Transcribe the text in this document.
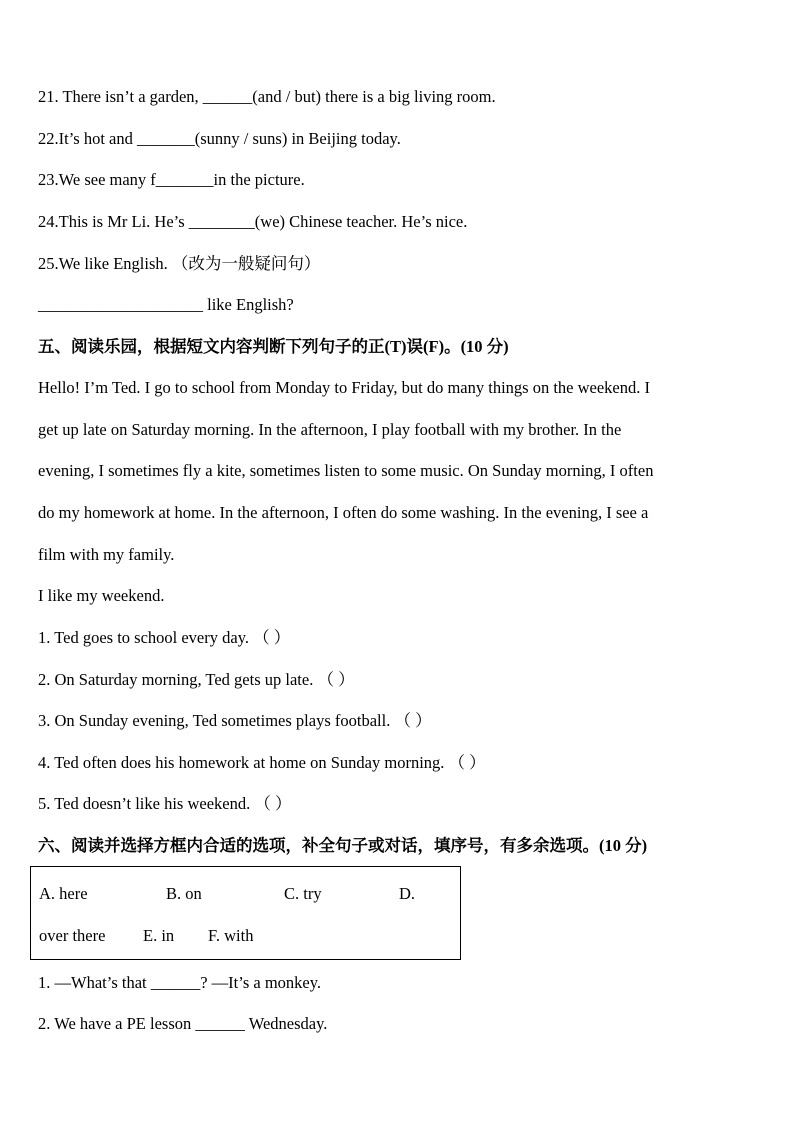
21. There isn’t a garden, ______(and / but) there is a big living room.
22.It’s hot and _______(sunny / suns) in Beijing today.
23.We see many f_______in the picture.
24.This is Mr Li. He’s ________(we) Chinese teacher. He’s nice.
25.We like English. （改为一般疑问句）
____________________ like English?
五、阅读乐园，根据短文内容判断下列句子的正(T)误(F)。(10 分)
Hello! I’m Ted. I go to school from Monday to Friday, but do many things on the weekend. I
get up late on Saturday morning. In the afternoon, I play football with my brother. In the
evening, I sometimes fly a kite, sometimes listen to some music. On Sunday morning, I often
do my homework at home. In the afternoon, I often do some washing. In the evening, I see a
film with my family.
I like my weekend.
1. Ted goes to school every day. （ ）
2. On Saturday morning, Ted gets up late. （ ）
3. On Sunday evening, Ted sometimes plays football. （ ）
4. Ted often does his homework at home on Sunday morning. （ ）
5. Ted doesn’t like his weekend. （ ）
六、阅读并选择方框内合适的选项，补全句子或对话，填序号，有多余选项。(10 分)
A. here	B. on	C. try	D.
over there E. in F. with
1. —What’s that ______? —It’s a monkey.
2. We have a PE lesson ______ Wednesday.
